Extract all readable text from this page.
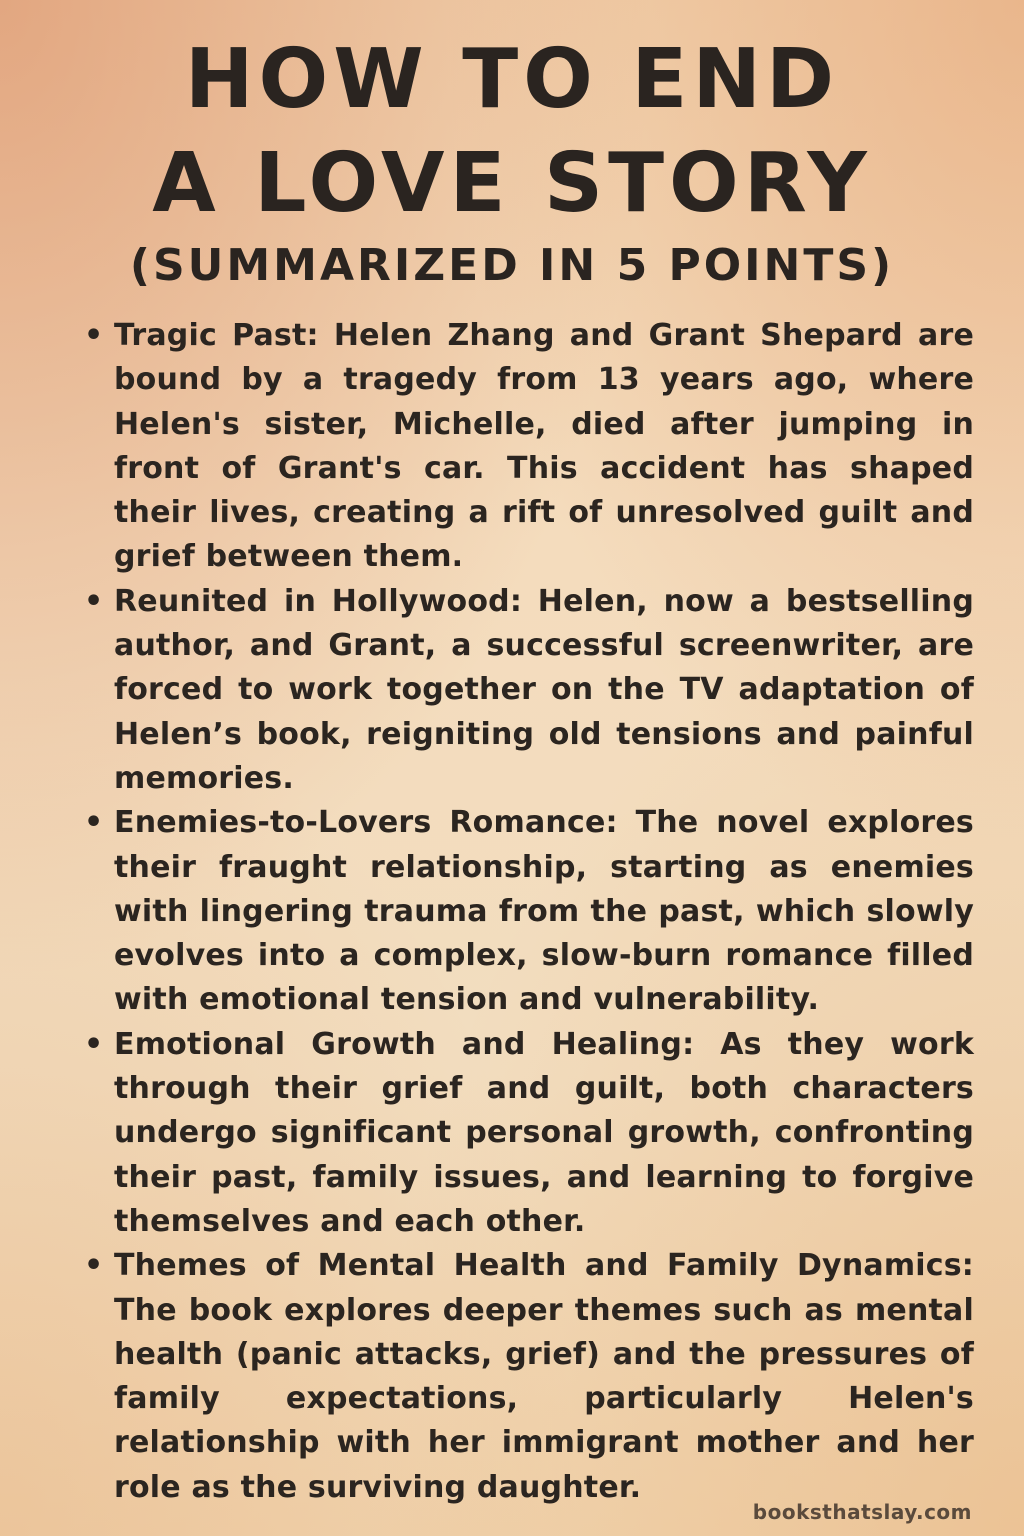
HOW TO END
A LOVE STORY
(SUMMARIZED IN 5 POINTS)
• Tragic Past: Helen Zhang and Grant Shepard are bound by a tragedy from 13 years ago, where Helen's sister, Michelle, died after jumping in front of Grant's car. This accident has shaped their lives, creating a rift of unresolved guilt and grief between them.
• Reunited in Hollywood: Helen, now a bestselling author, and Grant, a successful screenwriter, are forced to work together on the TV adaptation of Helen’s book, reigniting old tensions and painful memories.
• Enemies-to-Lovers Romance: The novel explores their fraught relationship, starting as enemies with lingering trauma from the past, which slowly evolves into a complex, slow-burn romance filled with emotional tension and vulnerability.
• Emotional Growth and Healing: As they work through their grief and guilt, both characters undergo significant personal growth, confronting their past, family issues, and learning to forgive themselves and each other.
• Themes of Mental Health and Family Dynamics: The book explores deeper themes such as mental health (panic attacks, grief) and the pressures of family expectations, particularly Helen's relationship with her immigrant mother and her role as the surviving daughter.
booksthatslay.com
